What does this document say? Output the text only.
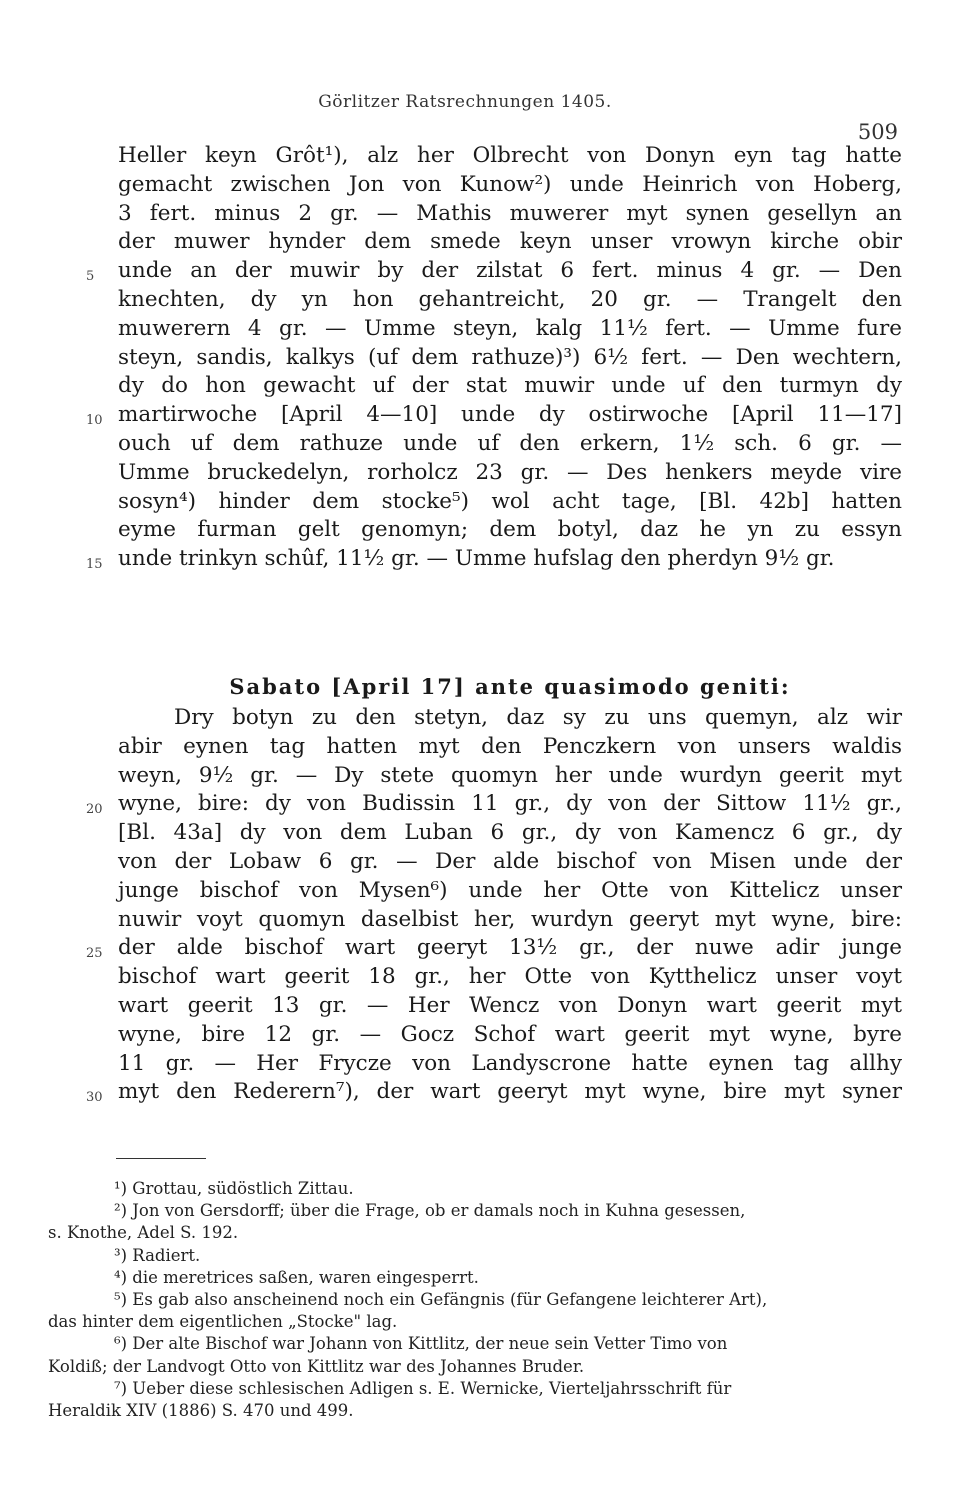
Görlitzer Ratsrechnungen 1405.
509
Heller keyn Grôt¹), alz her Olbrecht von Donyn eyn tag hatte
gemacht zwischen Jon von Kunow²) unde Heinrich von Hoberg,
3 fert. minus 2 gr. — Mathis muwerer myt synen gesellyn an
der muwer hynder dem smede keyn unser vrowyn kirche obir
5 unde an der muwir by der zilstat 6 fert. minus 4 gr. — Den
knechten, dy yn hon gehantreicht, 20 gr. — Trangelt den
muwerern 4 gr. — Umme steyn, kalg 11½ fert. — Umme fure
steyn, sandis, kalkys (uf dem rathuze)³) 6½ fert. — Den wechtern,
dy do hon gewacht uf der stat muwir unde uf den turmyn dy
10 martirwoche [April 4—10] unde dy ostirwoche [April 11—17]
ouch uf dem rathuze unde uf den erkern, 1½ sch. 6 gr. —
Umme bruckedelyn, rorholcz 23 gr. — Des henkers meyde vire
sosyn⁴) hinder dem stocke⁵) wol acht tage, [Bl. 42b] hatten
eyme furman gelt genomyn; dem botyl, daz he yn zu essyn
15 unde trinkyn schûf, 11½ gr. — Umme hufslag den pherdyn 9½ gr.
Sabato [April 17] ante quasimodo geniti:
Dry botyn zu den stetyn, daz sy zu uns quemyn, alz wir
abir eynen tag hatten myt den Penczkern von unsers waldis
weyn, 9½ gr. — Dy stete quomyn her unde wurdyn geerit myt
20 wyne, bire: dy von Budissin 11 gr., dy von der Sittow 11½ gr.,
[Bl. 43a] dy von dem Luban 6 gr., dy von Kamencz 6 gr., dy
von der Lobaw 6 gr. — Der alde bischof von Misen unde der
junge bischof von Mysen⁶) unde her Otte von Kittelicz unser
nuwir voyt quomyn daselbist her, wurdyn geeryt myt wyne, bire:
25 der alde bischof wart geeryt 13½ gr., der nuwe adir junge
bischof wart geerit 18 gr., her Otte von Kytthelicz unser voyt
wart geerit 13 gr. — Her Wencz von Donyn wart geerit myt
wyne, bire 12 gr. — Gocz Schof wart geerit myt wyne, byre
11 gr. — Her Frycze von Landyscrone hatte eynen tag allhy
30 myt den Rederern⁷), der wart geeryt myt wyne, bire myt syner
¹) Grottau, südöstlich Zittau.
²) Jon von Gersdorff; über die Frage, ob er damals noch in Kuhna gesessen,
s. Knothe, Adel S. 192.
³) Radiert.
⁴) die meretrices saßen, waren eingesperrt.
⁵) Es gab also anscheinend noch ein Gefängnis (für Gefangene leichterer Art),
das hinter dem eigentlichen „Stocke" lag.
⁶) Der alte Bischof war Johann von Kittlitz, der neue sein Vetter Timo von
Koldiß; der Landvogt Otto von Kittlitz war des Johannes Bruder.
⁷) Ueber diese schlesischen Adligen s. E. Wernicke, Vierteljahrsschrift für
Heraldik XIV (1886) S. 470 und 499.
